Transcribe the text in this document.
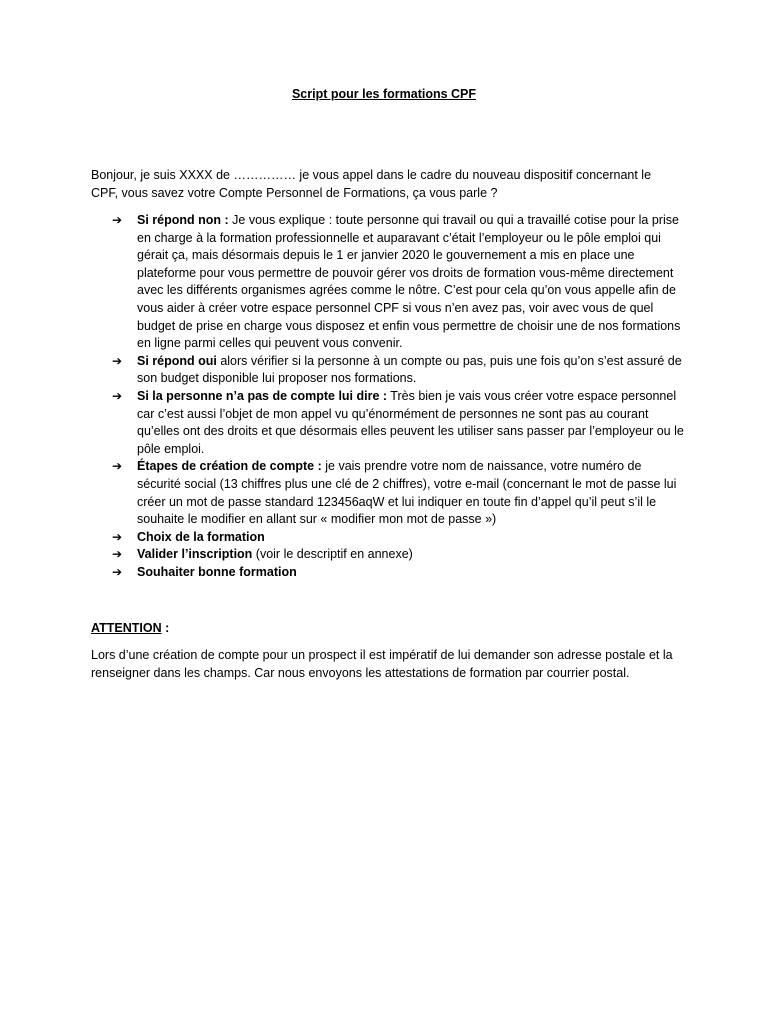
Script pour les formations CPF
Bonjour, je suis XXXX de …………… je vous appel dans le cadre du nouveau dispositif concernant le CPF, vous savez votre Compte Personnel de Formations, ça vous parle ?
➔ Si répond non : Je vous explique : toute personne qui travail ou qui a travaillé cotise pour la prise en charge à la formation professionnelle et auparavant c’était l’employeur ou le pôle emploi qui gérait ça, mais désormais depuis le 1 er janvier 2020 le gouvernement a mis en place une plateforme pour vous permettre de pouvoir gérer vos droits de formation vous-même directement avec les différents organismes agrées comme le nôtre. C’est pour cela qu’on vous appelle afin de vous aider à créer votre espace personnel CPF si vous n’en avez pas, voir avec vous de quel budget de prise en charge vous disposez et enfin vous permettre de choisir une de nos formations en ligne parmi celles qui peuvent vous convenir.
➔ Si répond oui alors vérifier si la personne à un compte ou pas, puis une fois qu’on s’est assuré de son budget disponible lui proposer nos formations.
➔ Si la personne n’a pas de compte lui dire : Très bien je vais vous créer votre espace personnel car c’est aussi l’objet de mon appel vu qu’énormément de personnes ne sont pas au courant qu’elles ont des droits et que désormais elles peuvent les utiliser sans passer par l’employeur ou le pôle emploi.
➔ Étapes de création de compte : je vais prendre votre nom de naissance, votre numéro de sécurité social (13 chiffres plus une clé de 2 chiffres), votre e-mail (concernant le mot de passe lui créer un mot de passe standard 123456aqW et lui indiquer en toute fin d’appel qu’il peut s’il le souhaite le modifier en allant sur « modifier mon mot de passe »)
➔ Choix de la formation
➔ Valider l’inscription (voir le descriptif en annexe)
➔ Souhaiter bonne formation
ATTENTION :
Lors d’une création de compte pour un prospect il est impératif de lui demander son adresse postale et la renseigner dans les champs. Car nous envoyons les attestations de formation par courrier postal.
